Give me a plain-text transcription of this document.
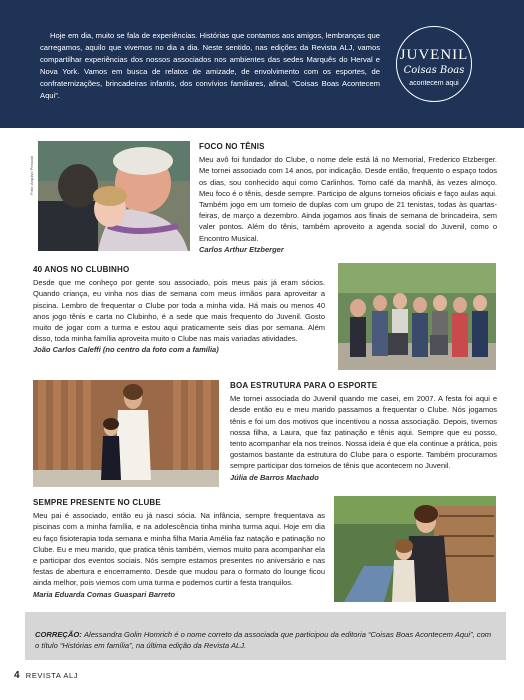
Hoje em dia, muito se fala de experiências. Histórias que contamos aos amigos, lembranças que carregamos, aquilo que vivemos no dia a dia. Neste sentido, nas edições da Revista ALJ, vamos compartilhar experiências dos nossos associados nos ambientes das sedes Marquês do Herval e Nova York. Vamos em busca de relatos de amizade, de envolvimento com os esportes, de confraternizações, brincadeiras infantis, dos convívios familiares, afinal, “Coisas Boas Acontecem Aqui”.

JUVENIL
Coisas Boas
acontecem aqui
Foto: Arquivo Pessoal
FOCO NO TÊNIS

Meu avô foi fundador do Clube, o nome dele está lá no Memorial, Frederico Etzberger. Me tornei associado com 14 anos, por indicação. Desde então, frequento o espaço todos os dias, sou conhecido aqui como Carlinhos. Tomo café da manhã, às vezes almoço. Meu foco é o tênis, desde sempre. Participo de alguns torneios oficiais e faço aulas aqui. Também jogo em um torneio de duplas com um grupo de 21 tenistas, todas às quartas-feiras, de março a dezembro. Ainda jogamos aos finais de semana de brincadeira, sem valer pontos. Além do tênis, também aproveito a agenda social do Juvenil, como o Encontro Musical.

Carlos Arthur Etzberger

40 ANOS NO CLUBINHO

Desde que me conheço por gente sou associado, pois meus pais já eram sócios. Quando criança, eu vinha nos dias de semana com meus irmãos para aproveitar a piscina. Lembro de frequentar o Clube por toda a minha vida. Há mais ou menos 40 anos jogo tênis e carta no Clubinho, é a sede que mais frequento do Juvenil. Gosto muito de jogar com a turma e estou aqui praticamente seis dias por semana. Além disso, toda minha família aproveita muito o Clube nas mais variadas atividades.

João Carlos Caleffi (no centro da foto com a família)

BOA ESTRUTURA PARA O ESPORTE

Me tornei associada do Juvenil quando me casei, em 2007. A festa foi aqui e desde então eu e meu marido passamos a frequentar o Clube. Nós jogamos tênis e foi um dos motivos que incentivou a nossa associação. Depois, tivemos nossa filha, a Laura, que faz patinação e tênis aqui. Sempre que eu posso, tento acompanhar ela nos treinos. Nossa ideia é que ela continue a prática, pois gostamos bastante da estrutura do Clube para o esporte. Também procuramos sempre participar dos torneios de tênis que acontecem no Juvenil.

Júlia de Barros Machado

SEMPRE PRESENTE NO CLUBE

Meu pai é associado, então eu já nasci sócia. Na infância, sempre frequentava as piscinas com a minha família, e na adolescência tinha minha turma aqui. Hoje em dia eu faço fisioterapia toda semana e minha filha Maria Amélia faz natação e patinação no Clube. Eu e meu marido, que pratica tênis também, viemos muito para acompanhar ela e participar dos eventos sociais. Nós sempre estamos presentes no aniversário e nas festas de abertura e encerramento. Desde que mudou para o formato do lounge ficou ainda melhor, pois viemos com uma turma e podemos curtir a festa tranquilos.

Maria Eduarda Comas Guaspari Barreto

CORREÇÃO: Alessandra Golin Homrich é o nome correto da associada que participou da editoria “Coisas Boas Acontecem Aqui”, com o título “Histórias em família”, na última edição da Revista ALJ.
4 REVISTA ALJ
